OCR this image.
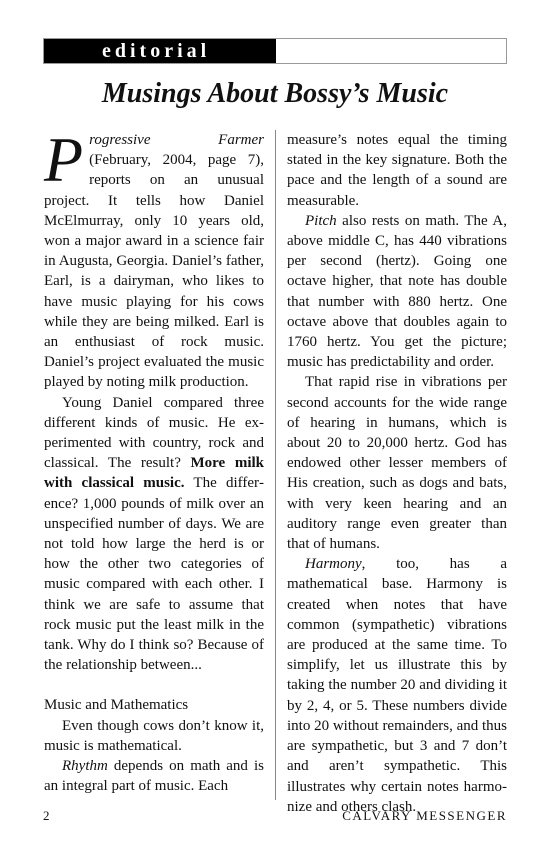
editorial
Musings About Bossy’s Music

Progressive Farmer (February, 2004, page 7), reports on an unusual project. It tells how Daniel McElmurray, only 10 years old, won a major award in a science fair in Augusta, Georgia. Daniel’s father, Earl, is a dairyman, who likes to have music playing for his cows while they are being milked. Earl is an enthusiast of rock music. Daniel’s project evaluated the music played by noting milk production.

Young Daniel compared three different kinds of music. He experimented with country, rock and classical. The result? More milk with classical music. The difference? 1,000 pounds of milk over an unspecified number of days. We are not told how large the herd is or how the other two categories of music compared with each other. I think we are safe to assume that rock music put the least milk in the tank. Why do I think so? Because of the relationship between...

Music and Mathematics

Even though cows don’t know it, music is mathematical.

Rhythm depends on math and is an integral part of music. Each

measure’s notes equal the timing stated in the key signature. Both the pace and the length of a sound are measurable.

Pitch also rests on math. The A, above middle C, has 440 vibrations per second (hertz). Going one octave higher, that note has double that number with 880 hertz. One octave above that doubles again to 1760 hertz. You get the picture; music has predictability and order.

That rapid rise in vibrations per second accounts for the wide range of hearing in humans, which is about 20 to 20,000 hertz. God has endowed other lesser members of His creation, such as dogs and bats, with very keen hearing and an auditory range even greater than that of humans.

Harmony, too, has a mathematical base. Harmony is created when notes that have common (sympathetic) vibrations are produced at the same time. To simplify, let us illustrate this by taking the number 20 and dividing it by 2, 4, or 5. These numbers divide into 20 without remainders, and thus are sympathetic, but 3 and 7 don’t and aren’t sympathetic. This illustrates why certain notes harmonize and others clash.

2	CALVARY MESSENGER
